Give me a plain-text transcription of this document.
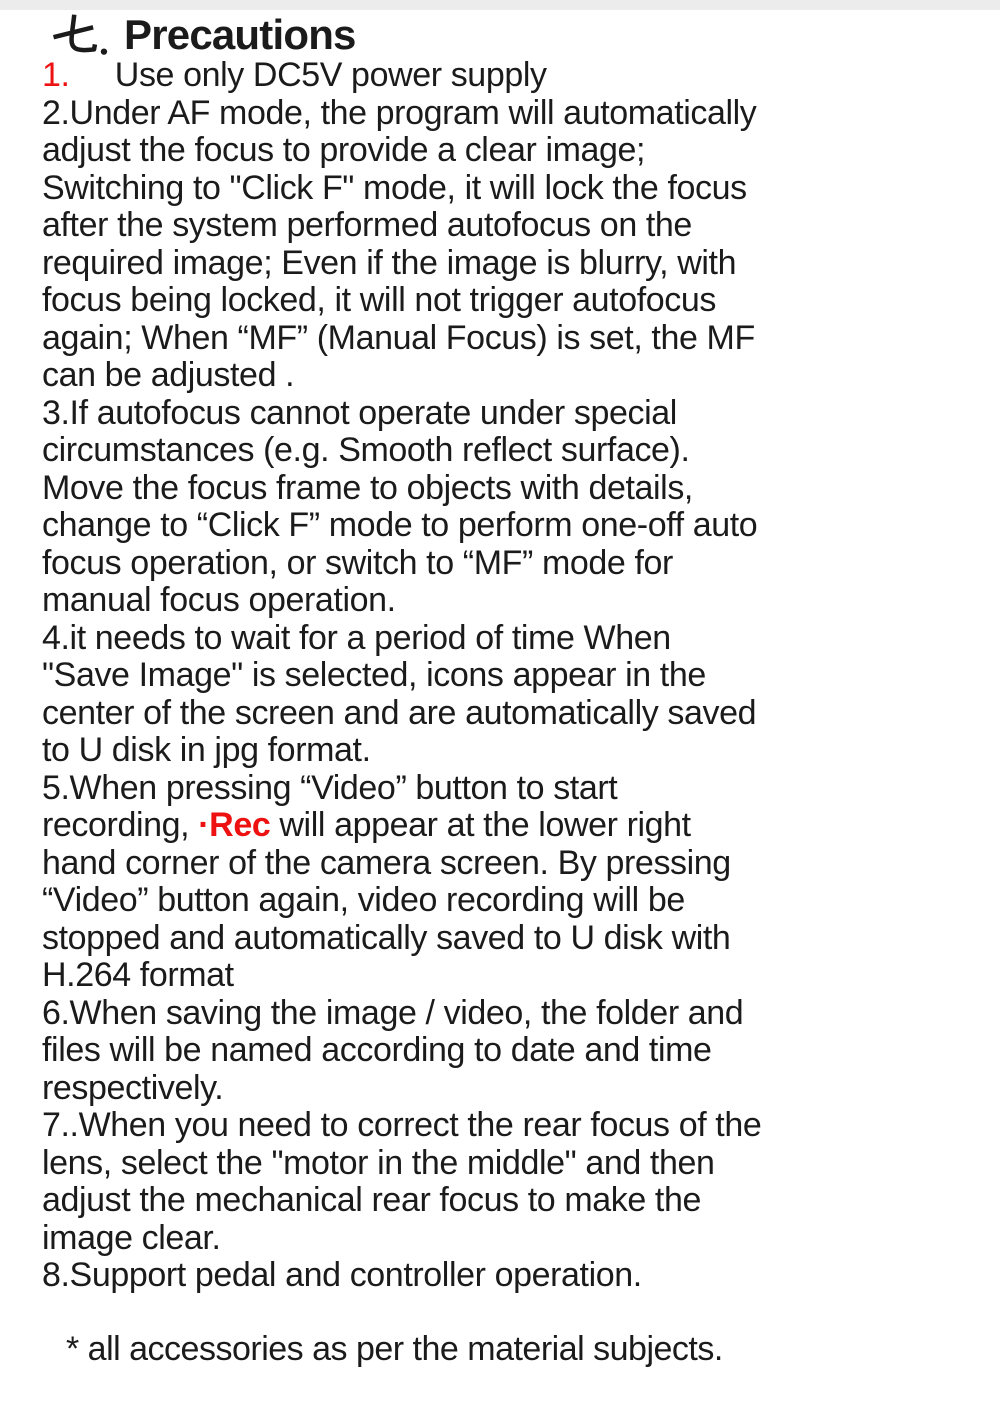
Precautions
1.     Use only DC5V power supply
2.Under AF mode, the program will automatically
adjust the focus to provide a clear image;
Switching to "Click F" mode, it will lock the focus
after the system performed autofocus on the
required image; Even if the image is blurry, with
focus being locked, it will not trigger autofocus
again; When “MF” (Manual Focus) is set, the MF
can be adjusted .
3.If autofocus cannot operate under special
circumstances (e.g. Smooth reflect surface).
Move the focus frame to objects with details,
change to “Click F” mode to perform one-off auto
focus operation, or switch to “MF” mode for
manual focus operation.
4.it needs to wait for a period of time When
"Save Image" is selected, icons appear in the
center of the screen and are automatically saved
to U disk in jpg format.
5.When pressing “Video” button to start
recording, ·Rec will appear at the lower right
hand corner of the camera screen. By pressing
“Video” button again, video recording will be
stopped and automatically saved to U disk with
H.264 format
6.When saving the image / video, the folder and
files will be named according to date and time
respectively.
7..When you need to correct the rear focus of the
lens, select the "motor in the middle" and then
adjust the mechanical rear focus to make the
image clear.
8.Support pedal and controller operation.
* all accessories as per the material subjects.
